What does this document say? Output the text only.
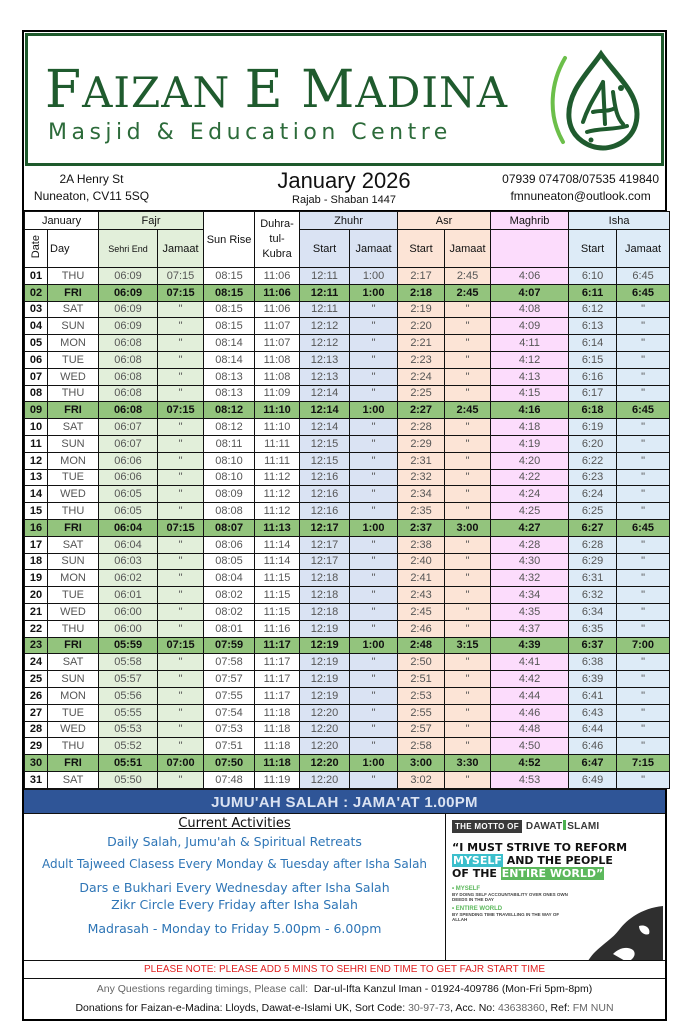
FAIZAN E MADINA
Masjid & Education Centre
2A Henry St
Nuneaton, CV11 5SQ
January 2026
Rajab - Shaban 1447
07939 074708/07535 419840
fmnuneaton@outlook.com
January		Fajr		Sun Rise	Duhra-tul-Kubra	Zhuhr		Asr		Maghrib	Isha	
Date	Day	Sehri End	Jamaat			Start	Jamaat	Start	Jamaat		Start	Jamaat
01	THU	06:09	07:15	08:15	11:06	12:11	1:00	2:17	2:45	4:06	6:10	6:45
02	FRI	06:09	07:15	08:15	11:06	12:11	1:00	2:18	2:45	4:07	6:11	6:45
03	SAT	06:09	"	08:15	11:06	12:11	"	2:19	"	4:08	6:12	"
04	SUN	06:09	"	08:15	11:07	12:12	"	2:20	"	4:09	6:13	"
05	MON	06:08	"	08:14	11:07	12:12	"	2:21	"	4:11	6:14	"
06	TUE	06:08	"	08:14	11:08	12:13	"	2:23	"	4:12	6:15	"
07	WED	06:08	"	08:13	11:08	12:13	"	2:24	"	4:13	6:16	"
08	THU	06:08	"	08:13	11:09	12:14	"	2:25	"	4:15	6:17	"
09	FRI	06:08	07:15	08:12	11:10	12:14	1:00	2:27	2:45	4:16	6:18	6:45
10	SAT	06:07	"	08:12	11:10	12:14	"	2:28	"	4:18	6:19	"
11	SUN	06:07	"	08:11	11:11	12:15	"	2:29	"	4:19	6:20	"
12	MON	06:06	"	08:10	11:11	12:15	"	2:31	"	4:20	6:22	"
13	TUE	06:06	"	08:10	11:12	12:16	"	2:32	"	4:22	6:23	"
14	WED	06:05	"	08:09	11:12	12:16	"	2:34	"	4:24	6:24	"
15	THU	06:05	"	08:08	11:12	12:16	"	2:35	"	4:25	6:25	"
16	FRI	06:04	07:15	08:07	11:13	12:17	1:00	2:37	3:00	4:27	6:27	6:45
17	SAT	06:04	"	08:06	11:14	12:17	"	2:38	"	4:28	6:28	"
18	SUN	06:03	"	08:05	11:14	12:17	"	2:40	"	4:30	6:29	"
19	MON	06:02	"	08:04	11:15	12:18	"	2:41	"	4:32	6:31	"
20	TUE	06:01	"	08:02	11:15	12:18	"	2:43	"	4:34	6:32	"
21	WED	06:00	"	08:02	11:15	12:18	"	2:45	"	4:35	6:34	"
22	THU	06:00	"	08:01	11:16	12:19	"	2:46	"	4:37	6:35	"
23	FRI	05:59	07:15	07:59	11:17	12:19	1:00	2:48	3:15	4:39	6:37	7:00
24	SAT	05:58	"	07:58	11:17	12:19	"	2:50	"	4:41	6:38	"
25	SUN	05:57	"	07:57	11:17	12:19	"	2:51	"	4:42	6:39	"
26	MON	05:56	"	07:55	11:17	12:19	"	2:53	"	4:44	6:41	"
27	TUE	05:55	"	07:54	11:18	12:20	"	2:55	"	4:46	6:43	"
28	WED	05:53	"	07:53	11:18	12:20	"	2:57	"	4:48	6:44	"
29	THU	05:52	"	07:51	11:18	12:20	"	2:58	"	4:50	6:46	"
30	FRI	05:51	07:00	07:50	11:18	12:20	1:00	3:00	3:30	4:52	6:47	7:15
31	SAT	05:50	"	07:48	11:19	12:20	"	3:02	"	4:53	6:49	"
JUMU'AH SALAH : JAMA'AT 1.00PM
Current Activities
Daily Salah, Jumu'ah & Spiritual Retreats
Adult Tajweed Clasess Every Monday & Tuesday after Isha Salah
Dars e Bukhari Every Wednesday after Isha Salah
Zikr Circle Every Friday after Isha Salah
Madrasah - Monday to Friday 5.00pm - 6.00pm
THE MOTTO OF DAWAT SLAMI
“I MUST STRIVE TO REFORM
MYSELF AND THE PEOPLE
OF THE ENTIRE WORLD”
• MYSELF
BY DOING SELF ACCOUNTABILITY OVER ONES OWN DEEDS IN THE DAY
• ENTIRE WORLD
BY SPENDING TIME TRAVELLING IN THE WAY OF ALLAH
PLEASE NOTE: PLEASE ADD 5 MINS TO SEHRI END TIME TO GET FAJR START TIME
Any Questions regarding timings, Please call: Dar-ul-Ifta Kanzul Iman - 01924-409786 (Mon-Fri 5pm-8pm)
Donations for Faizan-e-Madina: Lloyds, Dawat-e-Islami UK, Sort Code: 30-97-73, Acc. No: 43638360, Ref: FM NUN
